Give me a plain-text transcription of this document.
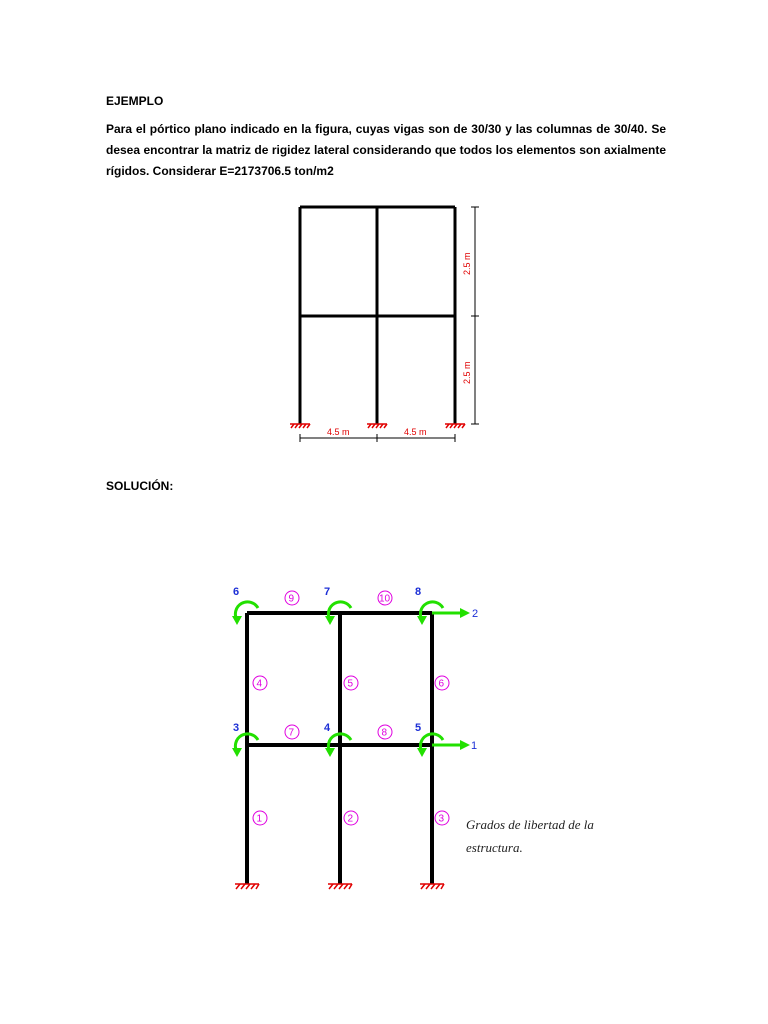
EJEMPLO
Para el pórtico plano indicado en la figura, cuyas vigas son de 30/30 y las columnas de 30/40. Se desea encontrar la matriz de rigidez lateral considerando que todos los elementos son axialmente rígidos. Considerar E=2173706.5 ton/m2
4.5 m	4.5 m
2.5 m
2.5 m
2
1
6	7	8
3	4	5
9	10
4	5	6
7	8
1	2	3
SOLUCIÓN:
Grados de libertad de la
estructura.
